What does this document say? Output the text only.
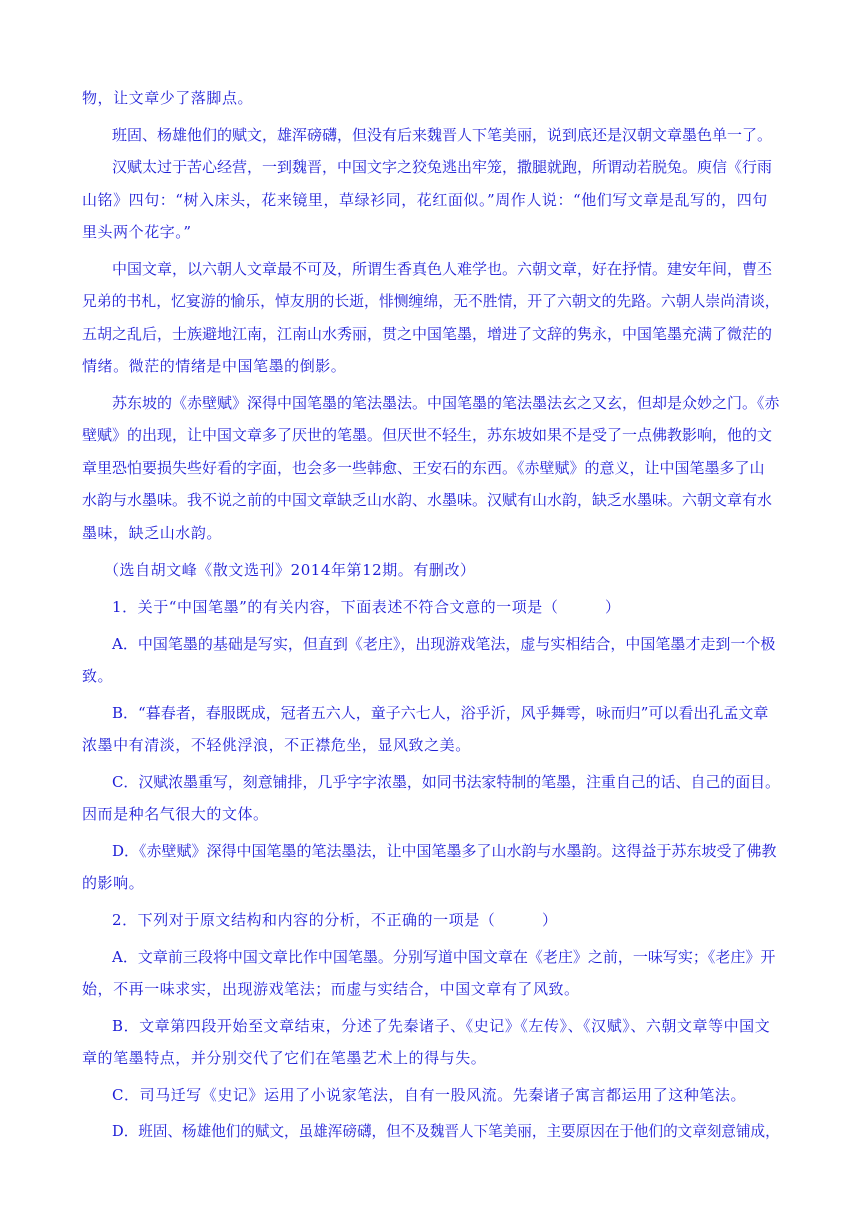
物，让文章少了落脚点。
班固、杨雄他们的赋文，雄浑磅礴，但没有后来魏晋人下笔美丽，说到底还是汉朝文章墨色单一了。
汉赋太过于苦心经营，一到魏晋，中国文字之狡兔逃出牢笼，撒腿就跑，所谓动若脱兔。庾信《行雨
山铭》四句：“树入床头，花来镜里，草绿衫同，花红面似。”周作人说：“他们写文章是乱写的，四句
里头两个花字。”
中国文章，以六朝人文章最不可及，所谓生香真色人难学也。六朝文章，好在抒情。建安年间，曹丕
兄弟的书札，忆宴游的愉乐，悼友朋的长逝，悱恻缠绵，无不胜情，开了六朝文的先路。六朝人崇尚清谈，
五胡之乱后，士族避地江南，江南山水秀丽，贯之中国笔墨，增进了文辞的隽永，中国笔墨充满了微茫的
情绪。微茫的情绪是中国笔墨的倒影。
苏东坡的《赤壁赋》深得中国笔墨的笔法墨法。中国笔墨的笔法墨法玄之又玄，但却是众妙之门。《赤
壁赋》的出现，让中国文章多了厌世的笔墨。但厌世不轻生，苏东坡如果不是受了一点佛教影响，他的文
章里恐怕要损失些好看的字面，也会多一些韩愈、王安石的东西。《赤壁赋》的意义，让中国笔墨多了山
水韵与水墨味。我不说之前的中国文章缺乏山水韵、水墨味。汉赋有山水韵，缺乏水墨味。六朝文章有水
墨味，缺乏山水韵。
（选自胡文峰《散文选刊》2014年第12期。有删改）
1．关于“中国笔墨”的有关内容，下面表述不符合文意的一项是（　　　）
A．中国笔墨的基础是写实，但直到《老庄》，出现游戏笔法，虚与实相结合，中国笔墨才走到一个极
致。
B．“暮春者，春服既成，冠者五六人，童子六七人，浴乎沂，风乎舞雩，咏而归”可以看出孔孟文章
浓墨中有清淡，不轻佻浮浪，不正襟危坐，显风致之美。
C．汉赋浓墨重写，刻意铺排，几乎字字浓墨，如同书法家特制的笔墨，注重自己的话、自己的面目。
因而是种名气很大的文体。
D．《赤壁赋》深得中国笔墨的笔法墨法，让中国笔墨多了山水韵与水墨韵。这得益于苏东坡受了佛教
的影响。
2．下列对于原文结构和内容的分析，不正确的一项是（　　　）
A．文章前三段将中国文章比作中国笔墨。分别写道中国文章在《老庄》之前，一味写实；《老庄》开
始，不再一味求实，出现游戏笔法；而虚与实结合，中国文章有了风致。
B．文章第四段开始至文章结束，分述了先秦诸子、《史记》《左传》、《汉赋》、六朝文章等中国文
章的笔墨特点，并分别交代了它们在笔墨艺术上的得与失。
C．司马迁写《史记》运用了小说家笔法，自有一股风流。先秦诸子寓言都运用了这种笔法。
D．班固、杨雄他们的赋文，虽雄浑磅礴，但不及魏晋人下笔美丽，主要原因在于他们的文章刻意铺成，
